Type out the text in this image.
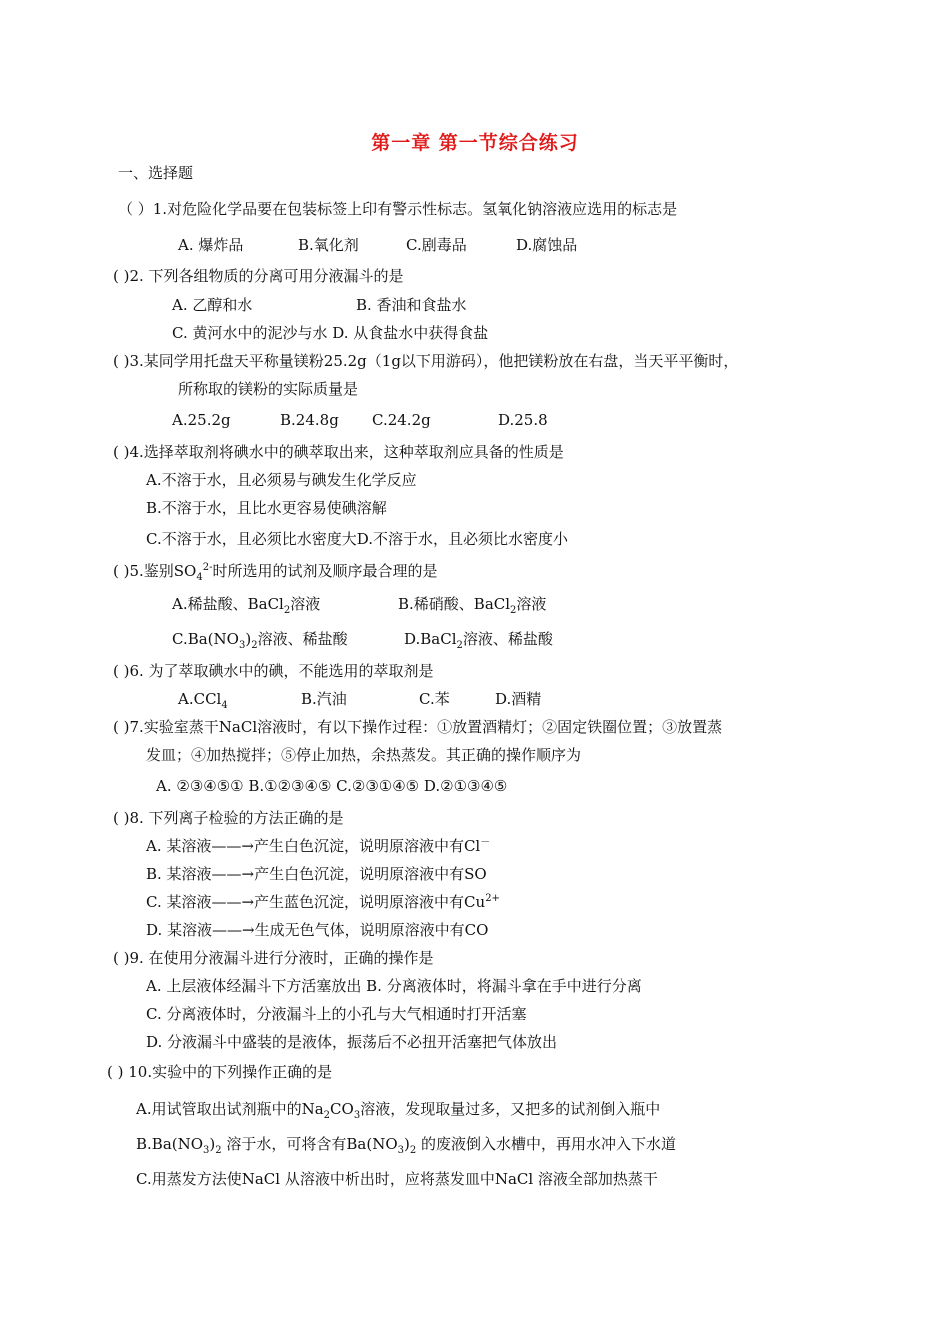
第一章 第一节综合练习
一、选择题
（ ）1.对危险化学品要在包装标签上印有警示性标志。氢氧化钠溶液应选用的标志是
A. 爆炸品	B.氧化剂	C.剧毒品	D.腐蚀品
( )2. 下列各组物质的分离可用分液漏斗的是
A. 乙醇和水	B. 香油和食盐水
C. 黄河水中的泥沙与水 D. 从食盐水中获得食盐
( )3.某同学用托盘天平称量镁粉25.2g（1g以下用游码），他把镁粉放在右盘，当天平平衡时，
所称取的镁粉的实际质量是
A.25.2g	B.24.8g C.24.2g	D.25.8
( )4.选择萃取剂将碘水中的碘萃取出来，这种萃取剂应具备的性质是
A.不溶于水，且必须易与碘发生化学反应
B.不溶于水，且比水更容易使碘溶解
C.不溶于水，且必须比水密度大D.不溶于水，且必须比水密度小
( )5.鉴别$SO_4^{2-}$时所选用的试剂及顺序最合理的是
A.稀盐酸、BaCl$_2$溶液	B.稀硝酸、BaCl$_2$溶液
$C.Ba(NO_3)_2$溶液、稀盐酸	D.BaCl$_2$溶液、稀盐酸
( )6. 为了萃取碘水中的碘，不能选用的萃取剂是
A.CCl$_4$	B.汽油	C.苯	D.酒精
( )7.实验室蒸干NaCl溶液时，有以下操作过程：①放置酒精灯；②固定铁圈位置；③放置蒸
发皿；④加热搅拌；⑤停止加热，余热蒸发。其正确的操作顺序为
A. ②③④⑤① B.①②③④⑤ C.②③①④⑤ D.②①③④⑤
( )8. 下列离子检验的方法正确的是
A. 某溶液——→产生白色沉淀，说明原溶液中有Cl－
B. 某溶液——→产生白色沉淀，说明原溶液中有SO
C. 某溶液——→产生蓝色沉淀，说明原溶液中有$Cu^{2+}$
D. 某溶液——→生成无色气体，说明原溶液中有CO
( )9. 在使用分液漏斗进行分液时，正确的操作是
A. 上层液体经漏斗下方活塞放出 B. 分离液体时，将漏斗拿在手中进行分离
C. 分离液体时，分液漏斗上的小孔与大气相通时打开活塞
D. 分液漏斗中盛装的是液体，振荡后不必扭开活塞把气体放出
( ) 10.实验中的下列操作正确的是
A.用试管取出试剂瓶中的$Na_2CO_3$溶液，发现取量过多，又把多的试剂倒入瓶中
$B.Ba(NO_3)_2$ 溶于水，可将含有$Ba(NO_3)_2$ 的废液倒入水槽中，再用水冲入下水道
C.用蒸发方法使NaCl 从溶液中析出时，应将蒸发皿中NaCl 溶液全部加热蒸干
